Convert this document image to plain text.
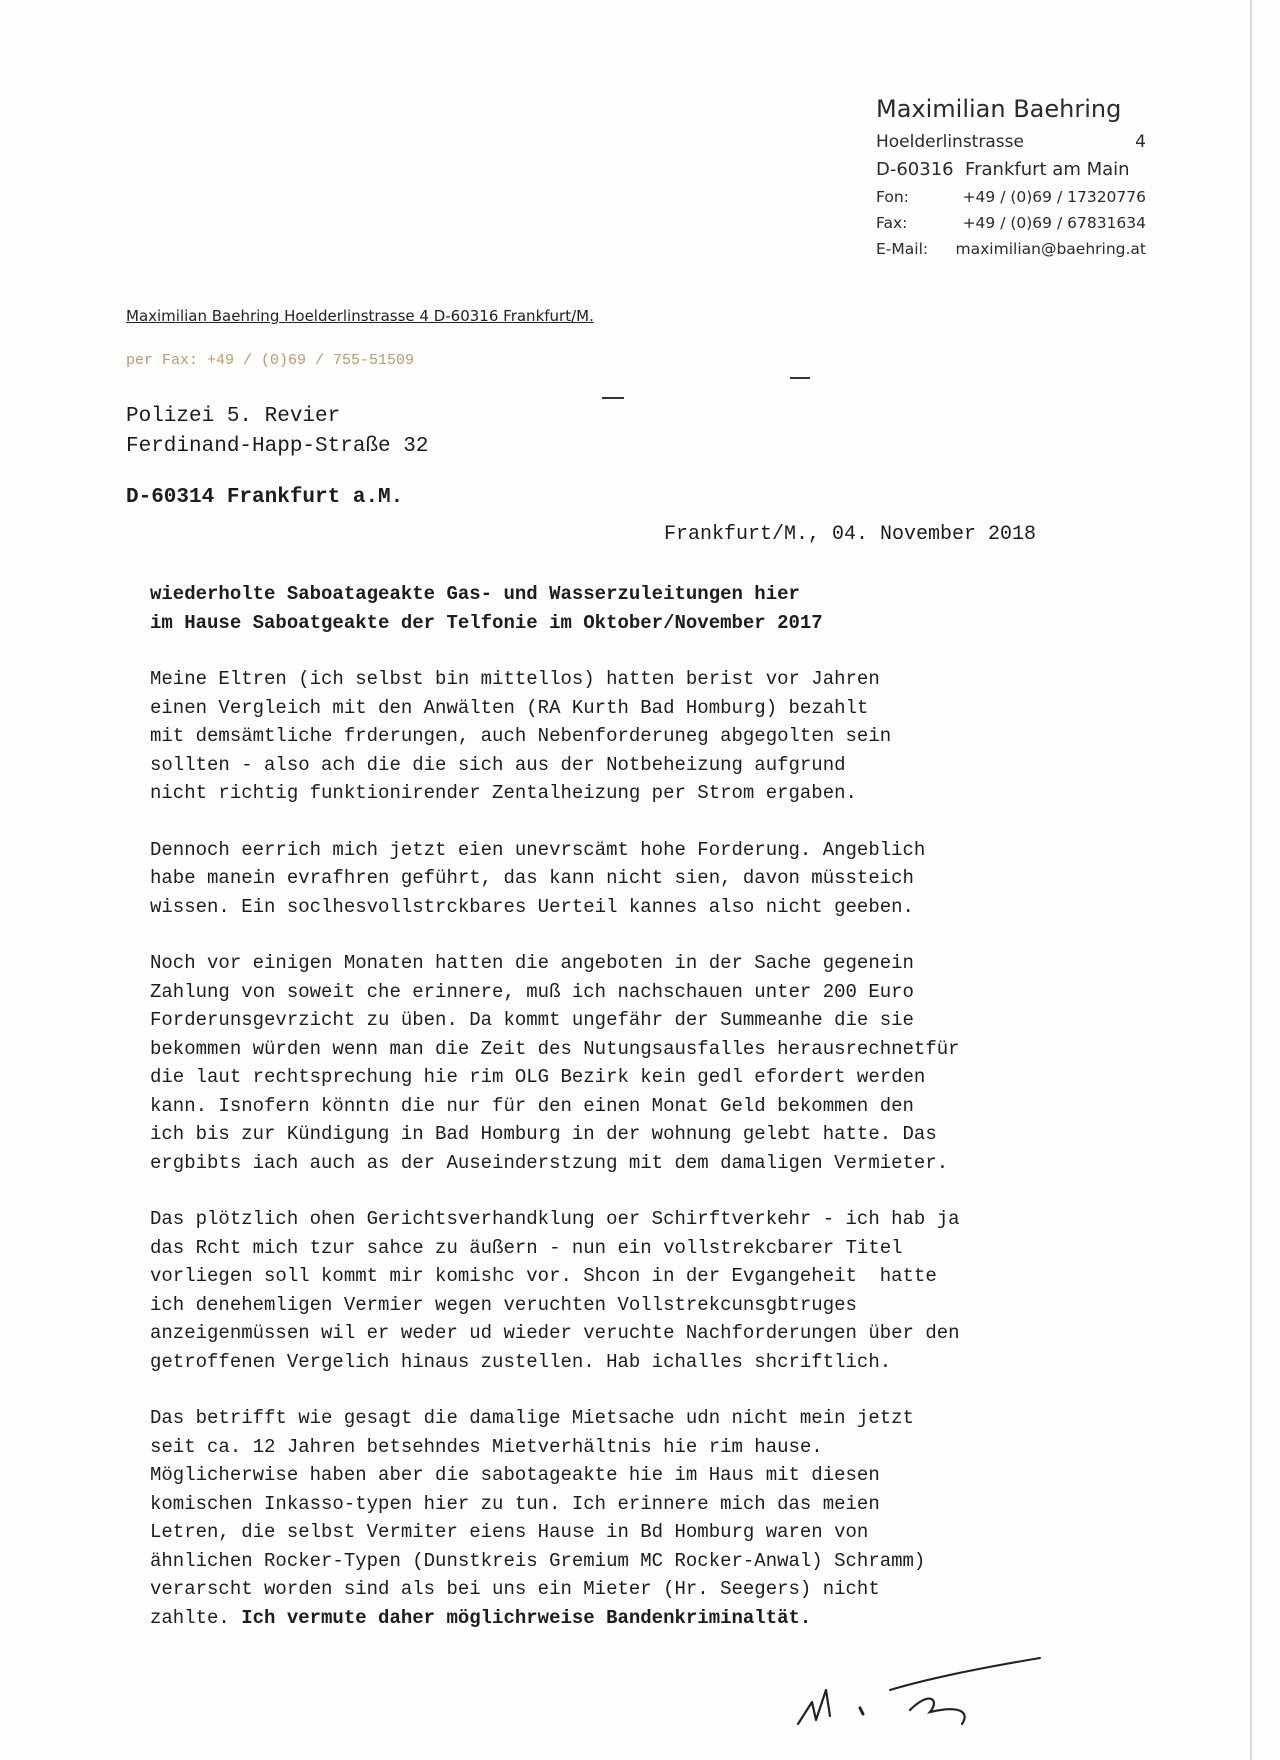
Maximilian Baehring
Hoelderlinstrasse	4
D-60316  Frankfurt am Main
Fon:	+49 / (0)69 / 17320776
Fax:	+49 / (0)69 / 67831634
E-Mail:	maximilian@baehring.at
Maximilian Baehring Hoelderlinstrasse 4 D-60316 Frankfurt/M.
per Fax: +49 / (0)69 / 755-51509
Polizei 5. Revier
Ferdinand-Happ-Straße 32
D-60314 Frankfurt a.M.
Frankfurt/M., 04. November 2018
wiederholte Saboatageakte Gas- und Wasserzuleitungen hier
im Hause Saboatgeakte der Telfonie im Oktober/November 2017
Meine Eltren (ich selbst bin mittellos) hatten berist vor Jahren
einen Vergleich mit den Anwälten (RA Kurth Bad Homburg) bezahlt
mit demsämtliche frderungen, auch Nebenforderuneg abgegolten sein
sollten - also ach die die sich aus der Notbeheizung aufgrund
nicht richtig funktionirender Zentalheizung per Strom ergaben.
Dennoch eerrich mich jetzt eien unevrscämt hohe Forderung. Angeblich
habe manein evrafhren geführt, das kann nicht sien, davon müssteich
wissen. Ein soclhesvollstrckbares Uerteil kannes also nicht geeben.
Noch vor einigen Monaten hatten die angeboten in der Sache gegenein
Zahlung von soweit che erinnere, muß ich nachschauen unter 200 Euro
Forderunsgevrzicht zu üben. Da kommt ungefähr der Summeanhe die sie
bekommen würden wenn man die Zeit des Nutungsausfalles herausrechnetfür
die laut rechtsprechung hie rim OLG Bezirk kein gedl efordert werden
kann. Isnofern könntn die nur für den einen Monat Geld bekommen den
ich bis zur Kündigung in Bad Homburg in der wohnung gelebt hatte. Das
ergbibts iach auch as der Auseinderstzung mit dem damaligen Vermieter.
Das plötzlich ohen Gerichtsverhandklung oer Schirftverkehr - ich hab ja
das Rcht mich tzur sahce zu äußern - nun ein vollstrekcbarer Titel
vorliegen soll kommt mir komishc vor. Shcon in der Evgangeheit  hatte
ich denehemligen Vermier wegen veruchten Vollstrekcunsgbtruges
anzeigenmüssen wil er weder ud wieder veruchte Nachforderungen über den
getroffenen Vergelich hinaus zustellen. Hab ichalles shcriftlich.
Das betrifft wie gesagt die damalige Mietsache udn nicht mein jetzt
seit ca. 12 Jahren betsehndes Mietverhältnis hie rim hause.
Möglicherwise haben aber die sabotageakte hie im Haus mit diesen
komischen Inkasso-typen hier zu tun. Ich erinnere mich das meien
Letren, die selbst Vermiter eiens Hause in Bd Homburg waren von
ähnlichen Rocker-Typen (Dunstkreis Gremium MC Rocker-Anwal) Schramm)
verarscht worden sind als bei uns ein Mieter (Hr. Seegers) nicht
zahlte. Ich vermute daher möglichrweise Bandenkriminaltät.
